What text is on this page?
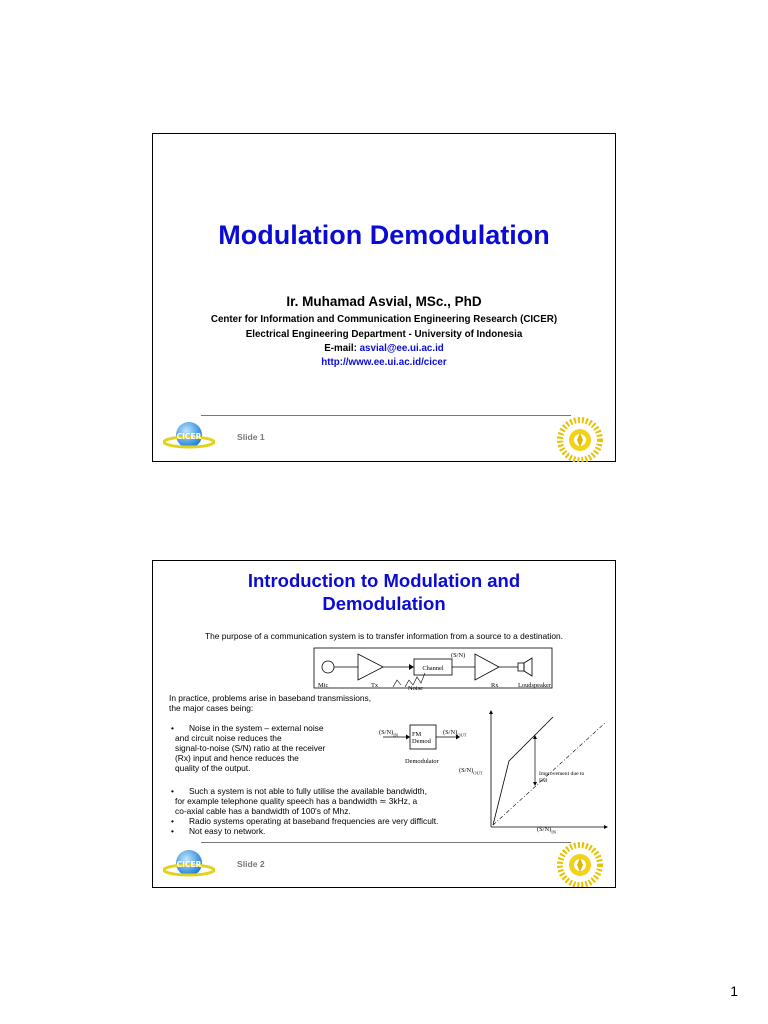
Modulation Demodulation
Ir. Muhamad Asvial, MSc., PhD
Center for Information and Communication Engineering Research (CICER)
Electrical Engineering Department - University of Indonesia
E-mail: asvial@ee.ui.ac.id
http://www.ee.ui.ac.id/cicer
CICER	Slide 1
Introduction to Modulation and
Demodulation
The purpose of a communication system is to transfer information from a source to a destination.
Channel
(S/N)
Mic	Tx	Noise	Rx	Loudspeaker
In practice, problems arise in baseband transmissions,
the major cases being:
•	Noise in the system – external noise
and circuit noise reduces the
signal-to-noise (S/N) ratio at the receiver
(Rx) input and hence reduces the
quality of the output.
$(S/N)_{IN}$ FM
Demod
$(S/N)_{OUT}$
Demodulator
$(S/N)_{OUT}$	Improvement due to
FM
$(S/N)_{IN}$
•	Such a system is not able to fully utilise the available bandwidth,
for example telephone quality speech has a bandwidth ≃ 3kHz, a
co-axial cable has a bandwidth of 100's of Mhz.
• Radio systems operating at baseband frequencies are very difficult.
• Not easy to network.
CICER	Slide 2
1
